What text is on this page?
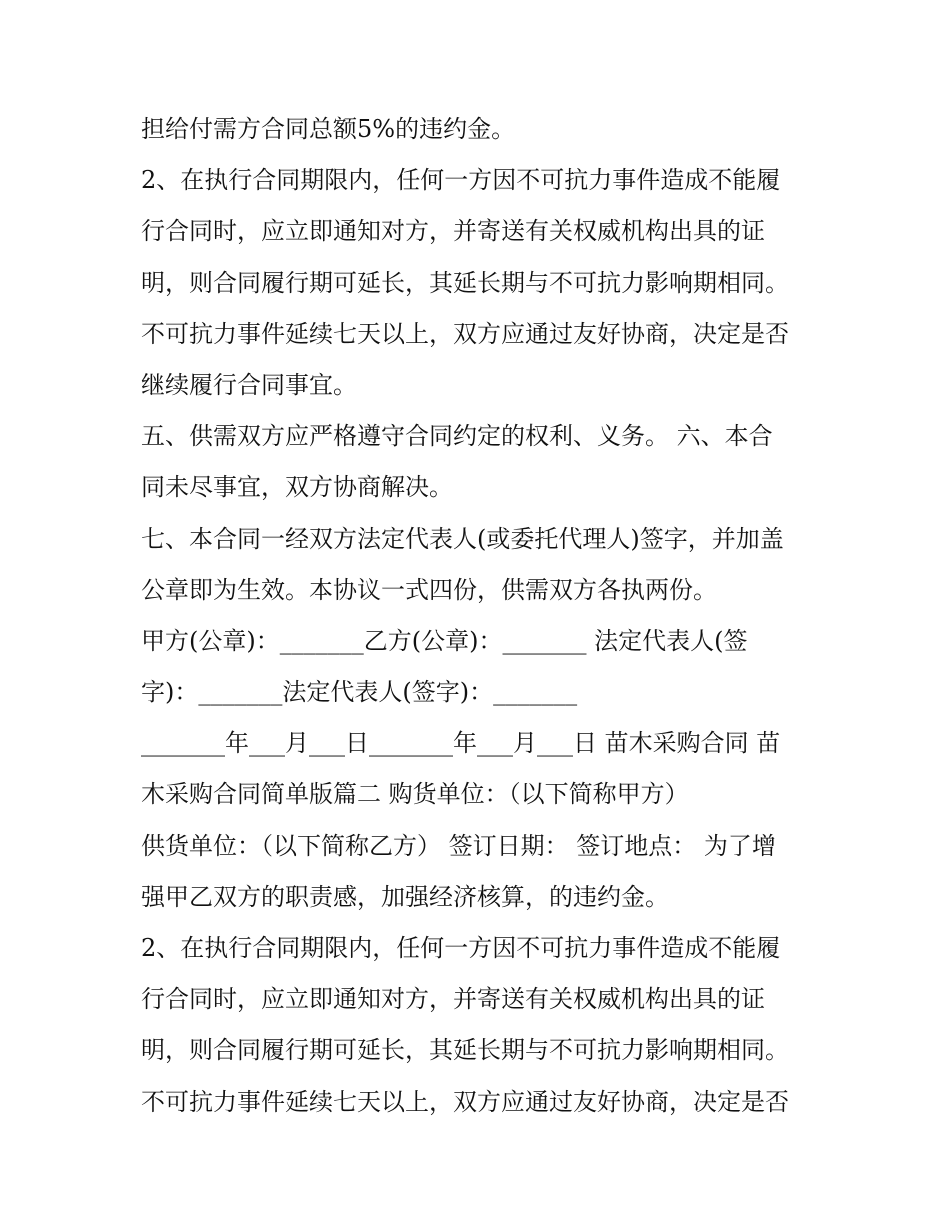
担给付需方合同总额5%的违约金。
2、在执行合同期限内，任何一方因不可抗力事件造成不能履
行合同时，应立即通知对方，并寄送有关权威机构出具的证
明，则合同履行期可延长，其延长期与不可抗力影响期相同。
不可抗力事件延续七天以上，双方应通过友好协商，决定是否
继续履行合同事宜。
五、供需双方应严格遵守合同约定的权利、义务。 六、本合
同未尽事宜，双方协商解决。
七、本合同一经双方法定代表人(或委托代理人)签字，并加盖
公章即为生效。本协议一式四份，供需双方各执两份。
甲方(公章)：_______乙方(公章)：_______ 法定代表人(签
字)：_______法定代表人(签字)：_______
_______年___月___日_______年___月___日 苗木采购合同 苗
木采购合同简单版篇二 购货单位：（以下简称甲方）
供货单位：（以下简称乙方） 签订日期： 签订地点： 为了增
强甲乙双方的职责感，加强经济核算，的违约金。
2、在执行合同期限内，任何一方因不可抗力事件造成不能履
行合同时，应立即通知对方，并寄送有关权威机构出具的证
明，则合同履行期可延长，其延长期与不可抗力影响期相同。
不可抗力事件延续七天以上，双方应通过友好协商，决定是否
